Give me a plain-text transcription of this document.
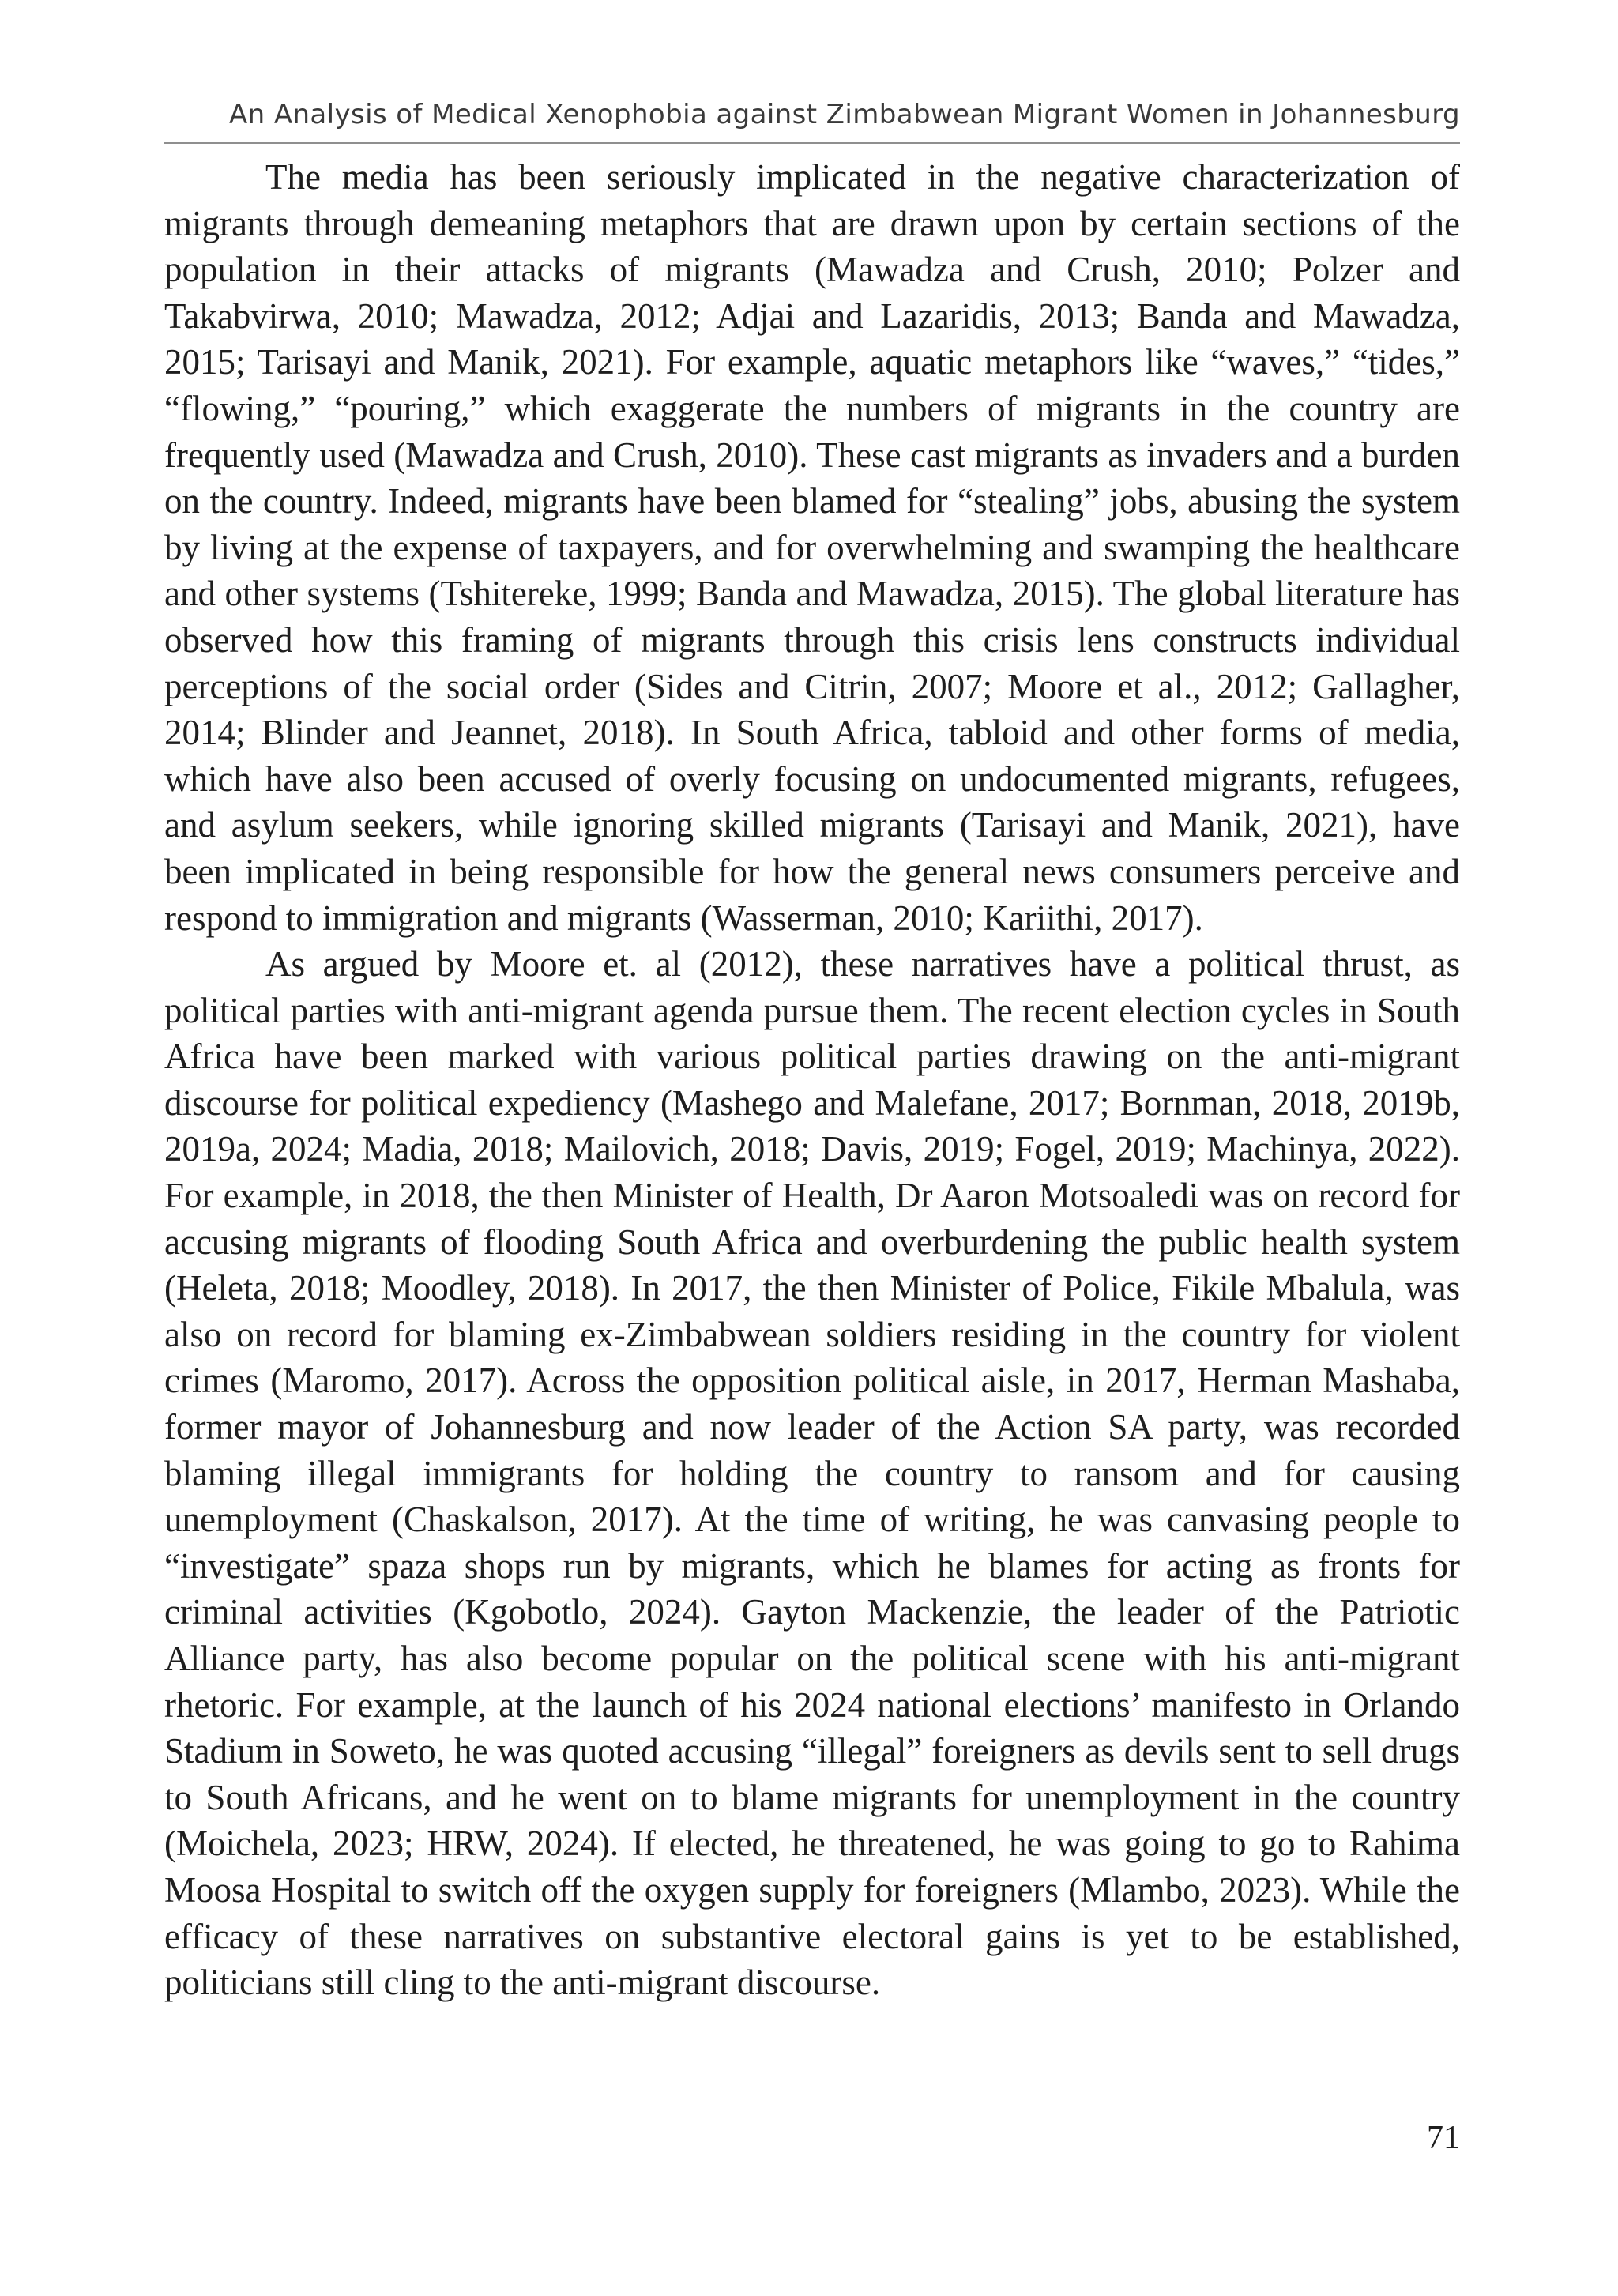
An Analysis of Medical Xenophobia against Zimbabwean Migrant Women in Johannesburg

The media has been seriously implicated in the negative characterization of migrants through demeaning metaphors that are drawn upon by certain sections of the population in their attacks of migrants (Mawadza and Crush, 2010; Polzer and Takabvirwa, 2010; Mawadza, 2012; Adjai and Lazaridis, 2013; Banda and Mawadza, 2015; Tarisayi and Manik, 2021). For example, aquatic metaphors like “waves,” “tides,” “flowing,” “pouring,” which exaggerate the numbers of migrants in the country are frequently used (Mawadza and Crush, 2010). These cast migrants as invaders and a burden on the country. Indeed, migrants have been blamed for “stealing” jobs, abusing the system by living at the expense of taxpayers, and for overwhelming and swamping the healthcare and other systems (Tshitereke, 1999; Banda and Mawadza, 2015). The global literature has observed how this framing of migrants through this crisis lens constructs individual perceptions of the social order (Sides and Citrin, 2007; Moore et al., 2012; Gallagher, 2014; Blinder and Jeannet, 2018). In South Africa, tabloid and other forms of media, which have also been accused of overly focusing on undocumented migrants, refugees, and asylum seekers, while ignoring skilled migrants (Tarisayi and Manik, 2021), have been implicated in being responsible for how the general news consumers perceive and respond to immigration and migrants (Wasserman, 2010; Kariithi, 2017).

As argued by Moore et. al (2012), these narratives have a political thrust, as political parties with anti-migrant agenda pursue them. The recent election cycles in South Africa have been marked with various political parties drawing on the anti-migrant discourse for political expediency (Mashego and Malefane, 2017; Bornman, 2018, 2019b, 2019a, 2024; Madia, 2018; Mailovich, 2018; Davis, 2019; Fogel, 2019; Machinya, 2022). For example, in 2018, the then Minister of Health, Dr Aaron Motsoaledi was on record for accusing migrants of flooding South Africa and overburdening the public health system (Heleta, 2018; Moodley, 2018). In 2017, the then Minister of Police, Fikile Mbalula, was also on record for blaming ex-Zimbabwean soldiers residing in the country for violent crimes (Maromo, 2017). Across the opposition political aisle, in 2017, Herman Mashaba, former mayor of Johannesburg and now leader of the Action SA party, was recorded blaming illegal immigrants for holding the country to ransom and for causing unemployment (Chaskalson, 2017). At the time of writing, he was canvasing people to “investigate” spaza shops run by migrants, which he blames for acting as fronts for criminal activities (Kgobotlo, 2024). Gayton Mackenzie, the leader of the Patriotic Alliance party, has also become popular on the political scene with his anti-migrant rhetoric. For example, at the launch of his 2024 national elections’ manifesto in Orlando Stadium in Soweto, he was quoted accusing “illegal” foreigners as devils sent to sell drugs to South Africans, and he went on to blame migrants for unemployment in the country (Moichela, 2023; HRW, 2024). If elected, he threatened, he was going to go to Rahima Moosa Hospital to switch off the oxygen supply for foreigners (Mlambo, 2023). While the efficacy of these narratives on substantive electoral gains is yet to be established, politicians still cling to the anti-migrant discourse.

71
